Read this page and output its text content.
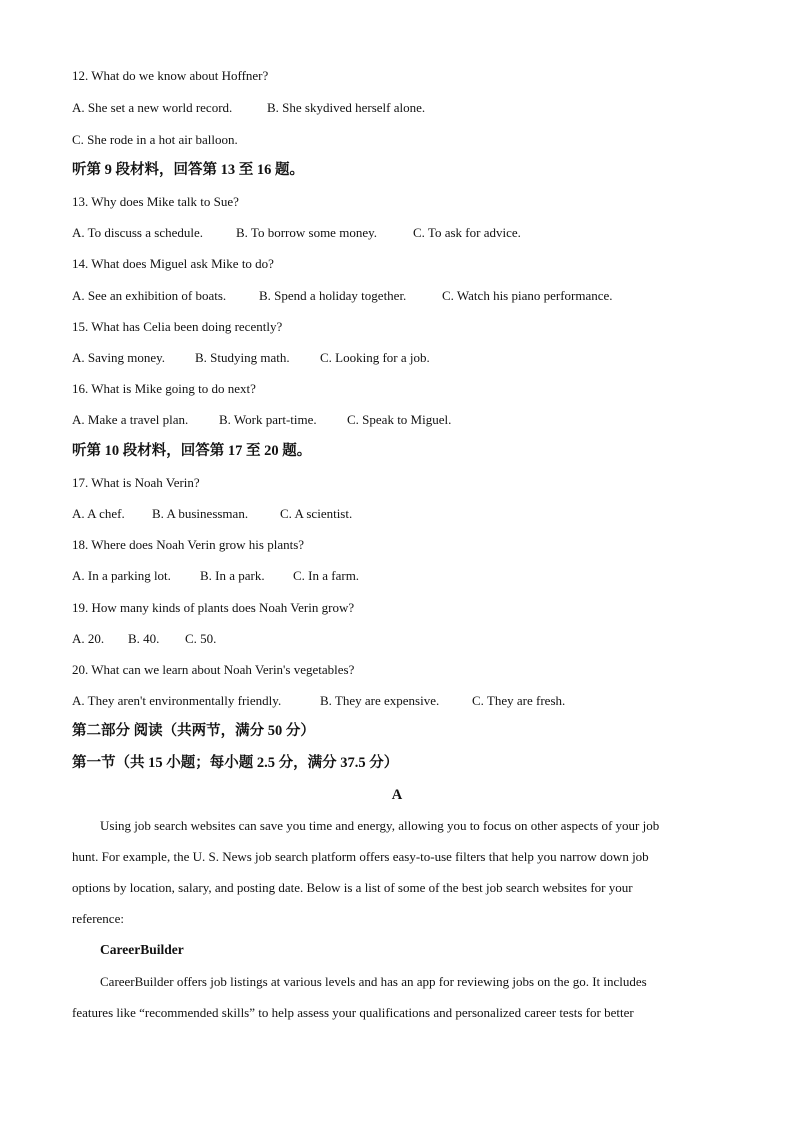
12. What do we know about Hoffner?
A. She set a new world record.	B. She skydived herself alone.
C. She rode in a hot air balloon.
听第 9 段材料，回答第 13 至 16 题。
13. Why does Mike talk to Sue?
A. To discuss a schedule.	B. To borrow some money.	C. To ask for advice.
14. What does Miguel ask Mike to do?
A. See an exhibition of boats.	B. Spend a holiday together.	C. Watch his piano performance.
15. What has Celia been doing recently?
A. Saving money. B. Studying math. C. Looking for a job.
16. What is Mike going to do next?
A. Make a travel plan. B. Work part-time. C. Speak to Miguel.
听第 10 段材料，回答第 17 至 20 题。
17. What is Noah Verin?
A. A chef. B. A businessman. C. A scientist.
18. Where does Noah Verin grow his plants?
A. In a parking lot. B. In a park. C. In a farm.
19. How many kinds of plants does Noah Verin grow?
A. 20. B. 40. C. 50.
20. What can we learn about Noah Verin's vegetables?
A. They aren't environmentally friendly.	B. They are expensive.	C. They are fresh.
第二部分 阅读（共两节，满分 50 分）
第一节（共 15 小题；每小题 2.5 分，满分 37.5 分）
A
Using job search websites can save you time and energy, allowing you to focus on other aspects of your job
hunt. For example, the U. S. News job search platform offers easy-to-use filters that help you narrow down job
options by location, salary, and posting date. Below is a list of some of the best job search websites for your
reference:
CareerBuilder
CareerBuilder offers job listings at various levels and has an app for reviewing jobs on the go. It includes
features like “recommended skills” to help assess your qualifications and personalized career tests for better
